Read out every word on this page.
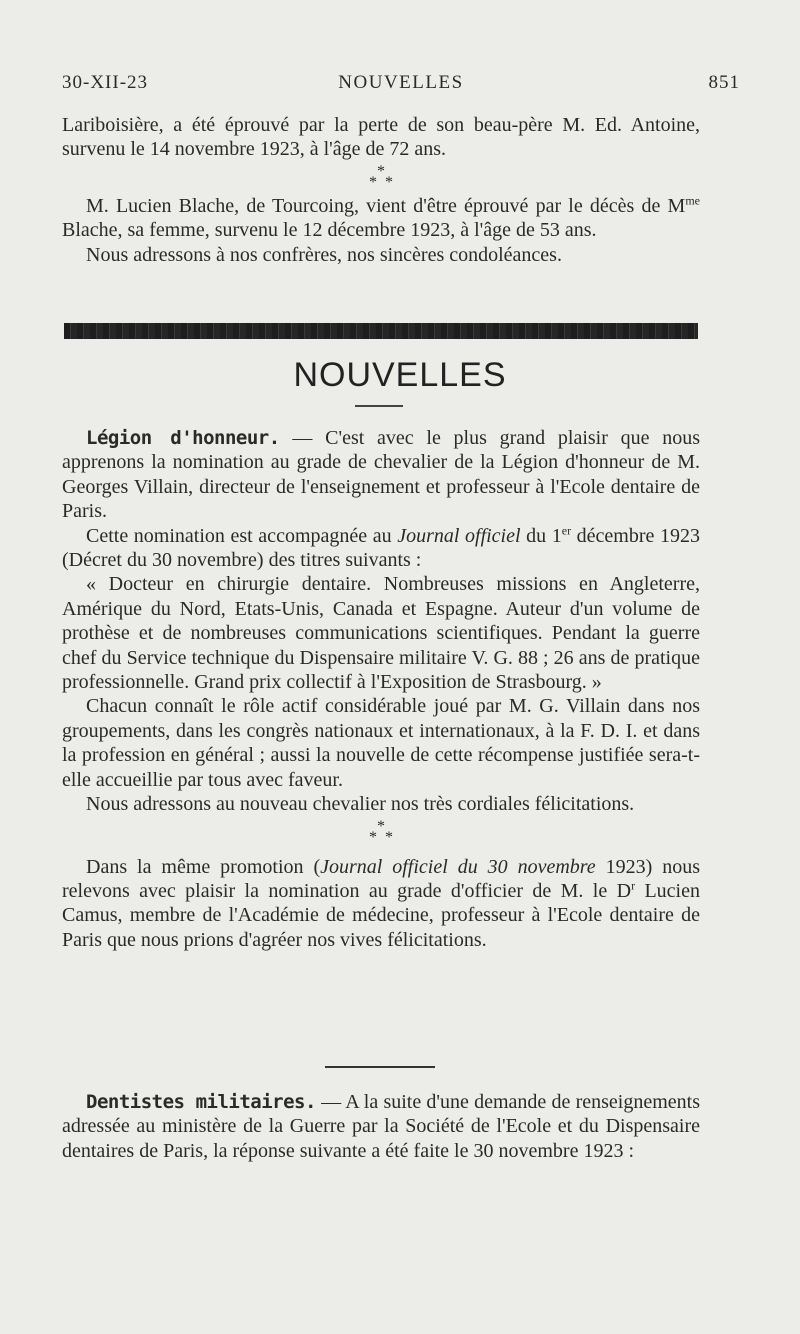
30-XII-23	NOUVELLES	851

Lariboisière, a été éprouvé par la perte de son beau-père M. Ed. Antoine, survenu le 14 novembre 1923, à l'âge de 72 ans.

*
* *

M. Lucien Blache, de Tourcoing, vient d'être éprouvé par le décès de $M^{me}$ Blache, sa femme, survenu le 12 décembre 1923, à l'âge de 53 ans.

Nous adressons à nos confrères, nos sincères condoléances.

NOUVELLES

Légion d'honneur. — C'est avec le plus grand plaisir que nous apprenons la nomination au grade de chevalier de la Légion d'honneur de M. Georges Villain, directeur de l'enseignement et professeur à l'Ecole dentaire de Paris.

Cette nomination est accompagnée au Journal officiel du 1er décembre 1923 (Décret du 30 novembre) des titres suivants :

« Docteur en chirurgie dentaire. Nombreuses missions en Angleterre, Amérique du Nord, Etats-Unis, Canada et Espagne. Auteur d'un volume de prothèse et de nombreuses communications scientifiques. Pendant la guerre chef du Service technique du Dispensaire militaire V. G. 88 ; 26 ans de pratique professionnelle. Grand prix collectif à l'Exposition de Strasbourg. »

Chacun connaît le rôle actif considérable joué par M. G. Villain dans nos groupements, dans les congrès nationaux et internationaux, à la F. D. I. et dans la profession en général ; aussi la nouvelle de cette récompense justifiée sera-t-elle accueillie par tous avec faveur.

Nous adressons au nouveau chevalier nos très cordiales félicitations.

*
* *

Dans la même promotion (Journal officiel du 30 novembre 1923) nous relevons avec plaisir la nomination au grade d'officier de M. le $D^r$ Lucien Camus, membre de l'Académie de médecine, professeur à l'Ecole dentaire de Paris que nous prions d'agréer nos vives félicitations.

Dentistes militaires. — A la suite d'une demande de renseignements adressée au ministère de la Guerre par la Société de l'Ecole et du Dispensaire dentaires de Paris, la réponse suivante a été faite le 30 novembre 1923 :
